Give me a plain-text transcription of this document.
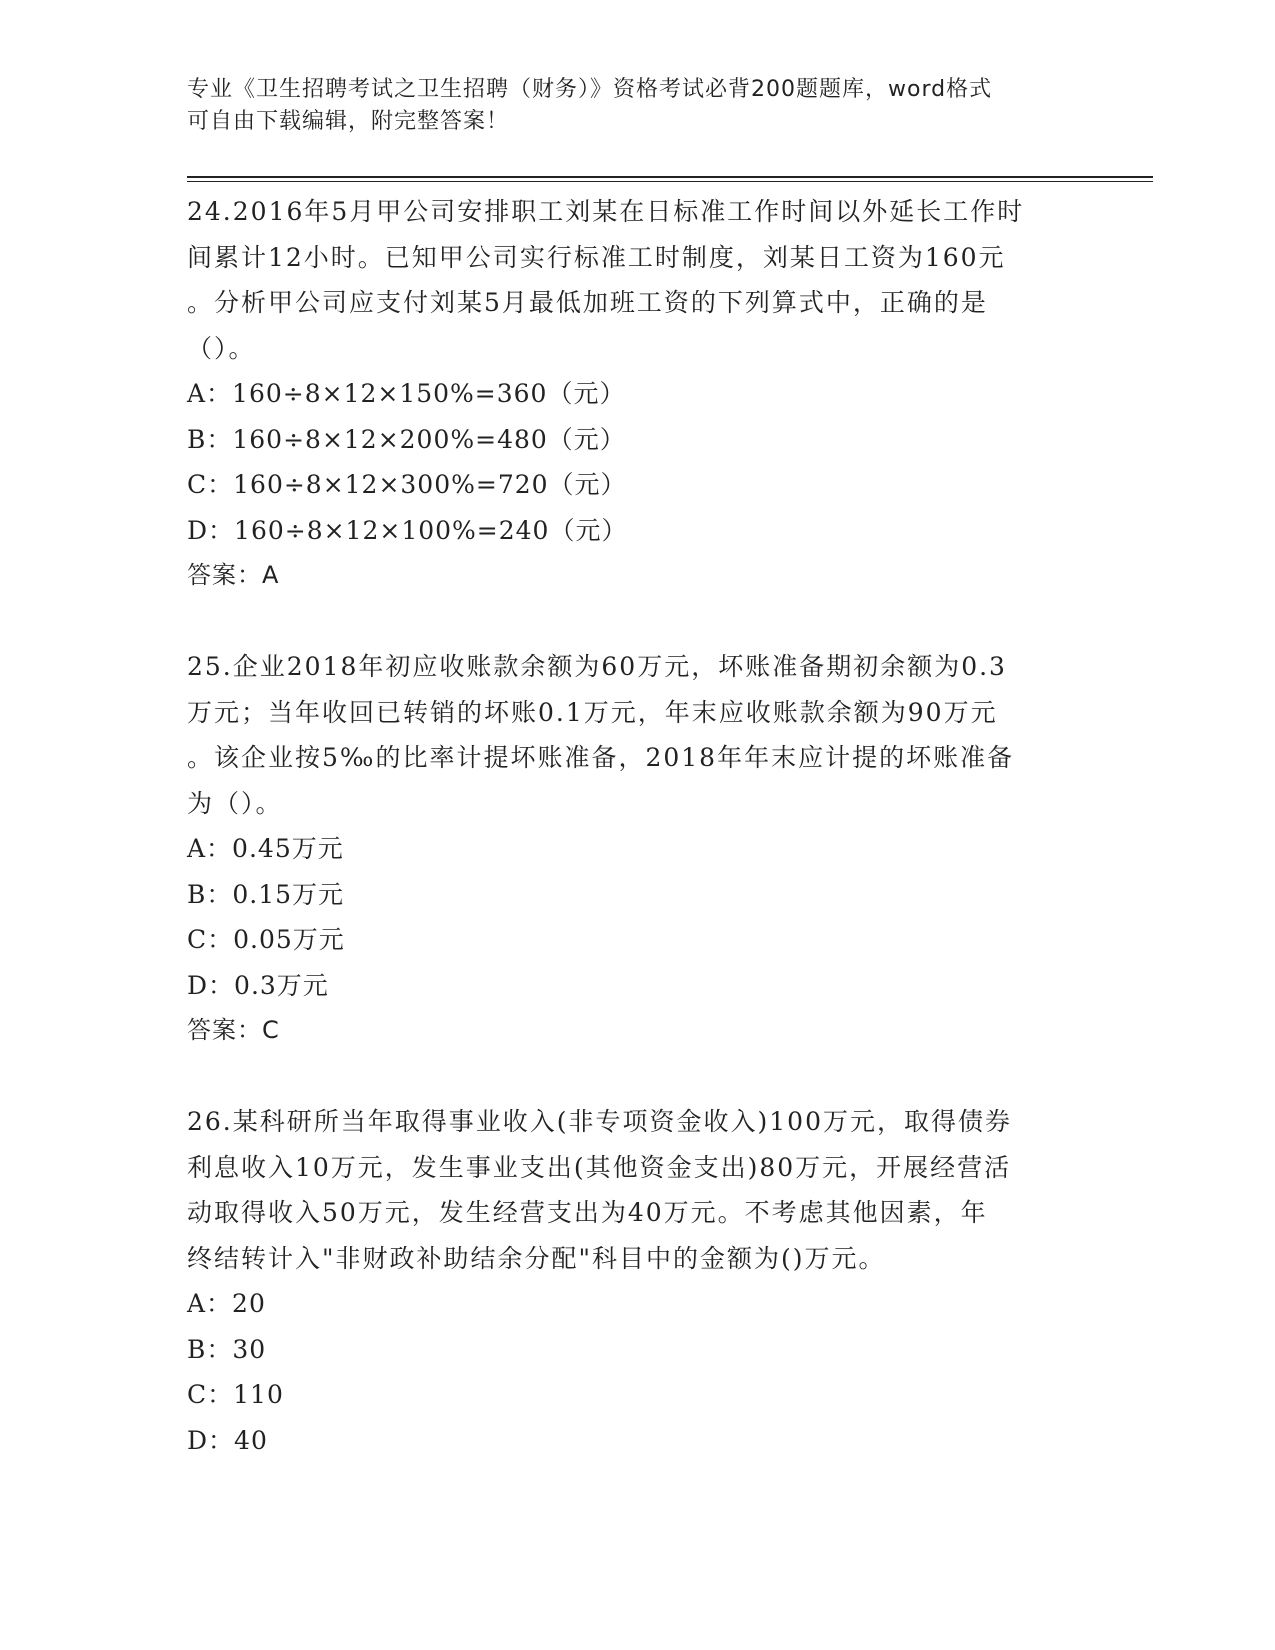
专业《卫生招聘考试之卫生招聘（财务）》资格考试必背200题题库，word格式
可自由下载编辑，附完整答案！
24.2016年5月甲公司安排职工刘某在日标准工作时间以外延长工作时
间累计12小时。已知甲公司实行标准工时制度，刘某日工资为160元
。分析甲公司应支付刘某5月最低加班工资的下列算式中，正确的是
（）。
A：160÷8×12×150%=360（元）
B：160÷8×12×200%=480（元）
C：160÷8×12×300%=720（元）
D：160÷8×12×100%=240（元）
答案：A
25.企业2018年初应收账款余额为60万元，坏账准备期初余额为0.3
万元；当年收回已转销的坏账0.1万元，年末应收账款余额为90万元
。该企业按5‰的比率计提坏账准备，2018年年末应计提的坏账准备
为（）。
A：0.45万元
B：0.15万元
C：0.05万元
D：0.3万元
答案：C
26.某科研所当年取得事业收入(非专项资金收入)100万元，取得债券
利息收入10万元，发生事业支出(其他资金支出)80万元，开展经营活
动取得收入50万元，发生经营支出为40万元。不考虑其他因素，年
终结转计入"非财政补助结余分配"科目中的金额为()万元。
A：20
B：30
C：110
D：40
